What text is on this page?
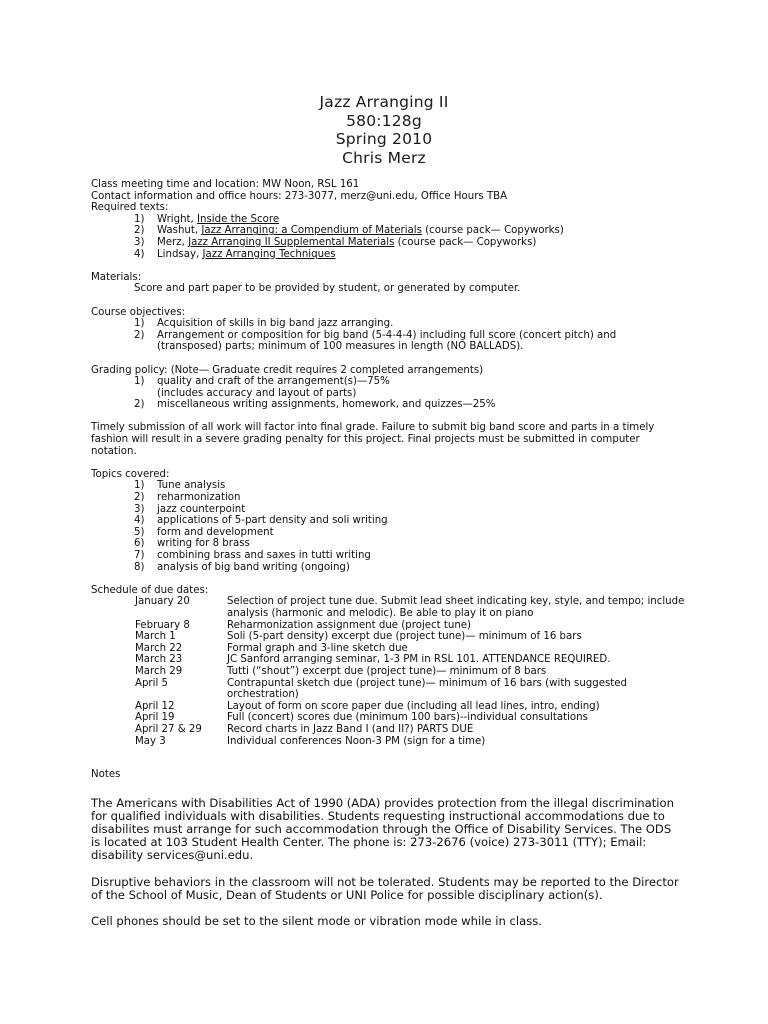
Jazz Arranging II
580:128g
Spring 2010
Chris Merz
Class meeting time and location: MW Noon, RSL 161
Contact information and office hours: 273-3077, merz@uni.edu, Office Hours TBA
Required texts:
1) Wright, Inside the Score
2) Washut, Jazz Arranging: a Compendium of Materials (course pack— Copyworks)
3) Merz, Jazz Arranging II Supplemental Materials (course pack— Copyworks)
4) Lindsay, Jazz Arranging Techniques
Materials:
Score and part paper to be provided by student, or generated by computer.
Course objectives:
1) Acquisition of skills in big band jazz arranging.
2) Arrangement or composition for big band (5-4-4-4) including full score (concert pitch) and
(transposed) parts; minimum of 100 measures in length (NO BALLADS).
Grading policy: (Note— Graduate credit requires 2 completed arrangements)
1) quality and craft of the arrangement(s)—75%
(includes accuracy and layout of parts)
2) miscellaneous writing assignments, homework, and quizzes—25%
Timely submission of all work will factor into final grade. Failure to submit big band score and parts in a timely
fashion will result in a severe grading penalty for this project. Final projects must be submitted in computer
notation.
Topics covered:
1) Tune analysis
2) reharmonization
3) jazz counterpoint
4) applications of 5-part density and soli writing
5) form and development
6) writing for 8 brass
7) combining brass and saxes in tutti writing
8) analysis of big band writing (ongoing)
Schedule of due dates:
January 20	Selection of project tune due. Submit lead sheet indicating key, style, and tempo; include analysis (harmonic and melodic). Be able to play it on piano
February 8	Reharmonization assignment due (project tune)
March 1	Soli (5-part density) excerpt due (project tune)— minimum of 16 bars
March 22	Formal graph and 3-line sketch due
March 23	JC Sanford arranging seminar, 1-3 PM in RSL 101. ATTENDANCE REQUIRED.
March 29	Tutti (“shout”) excerpt due (project tune)— minimum of 8 bars
April 5	Contrapuntal sketch due (project tune)— minimum of 16 bars (with suggested orchestration)
April 12	Layout of form on score paper due (including all lead lines, intro, ending)
April 19	Full (concert) scores due (minimum 100 bars)--individual consultations
April 27 & 29	Record charts in Jazz Band I (and II?) PARTS DUE
May 3	Individual conferences Noon-3 PM (sign for a time)
Notes

The Americans with Disabilities Act of 1990 (ADA) provides protection from the illegal discrimination for qualified individuals with disabilities. Students requesting instructional accommodations due to disabilites must arrange for such accommodation through the Office of Disability Services. The ODS is located at 103 Student Health Center. The phone is: 273-2676 (voice) 273-3011 (TTY); Email: disability services@uni.edu.

Disruptive behaviors in the classroom will not be tolerated. Students may be reported to the Director of the School of Music, Dean of Students or UNI Police for possible disciplinary action(s).

Cell phones should be set to the silent mode or vibration mode while in class.
